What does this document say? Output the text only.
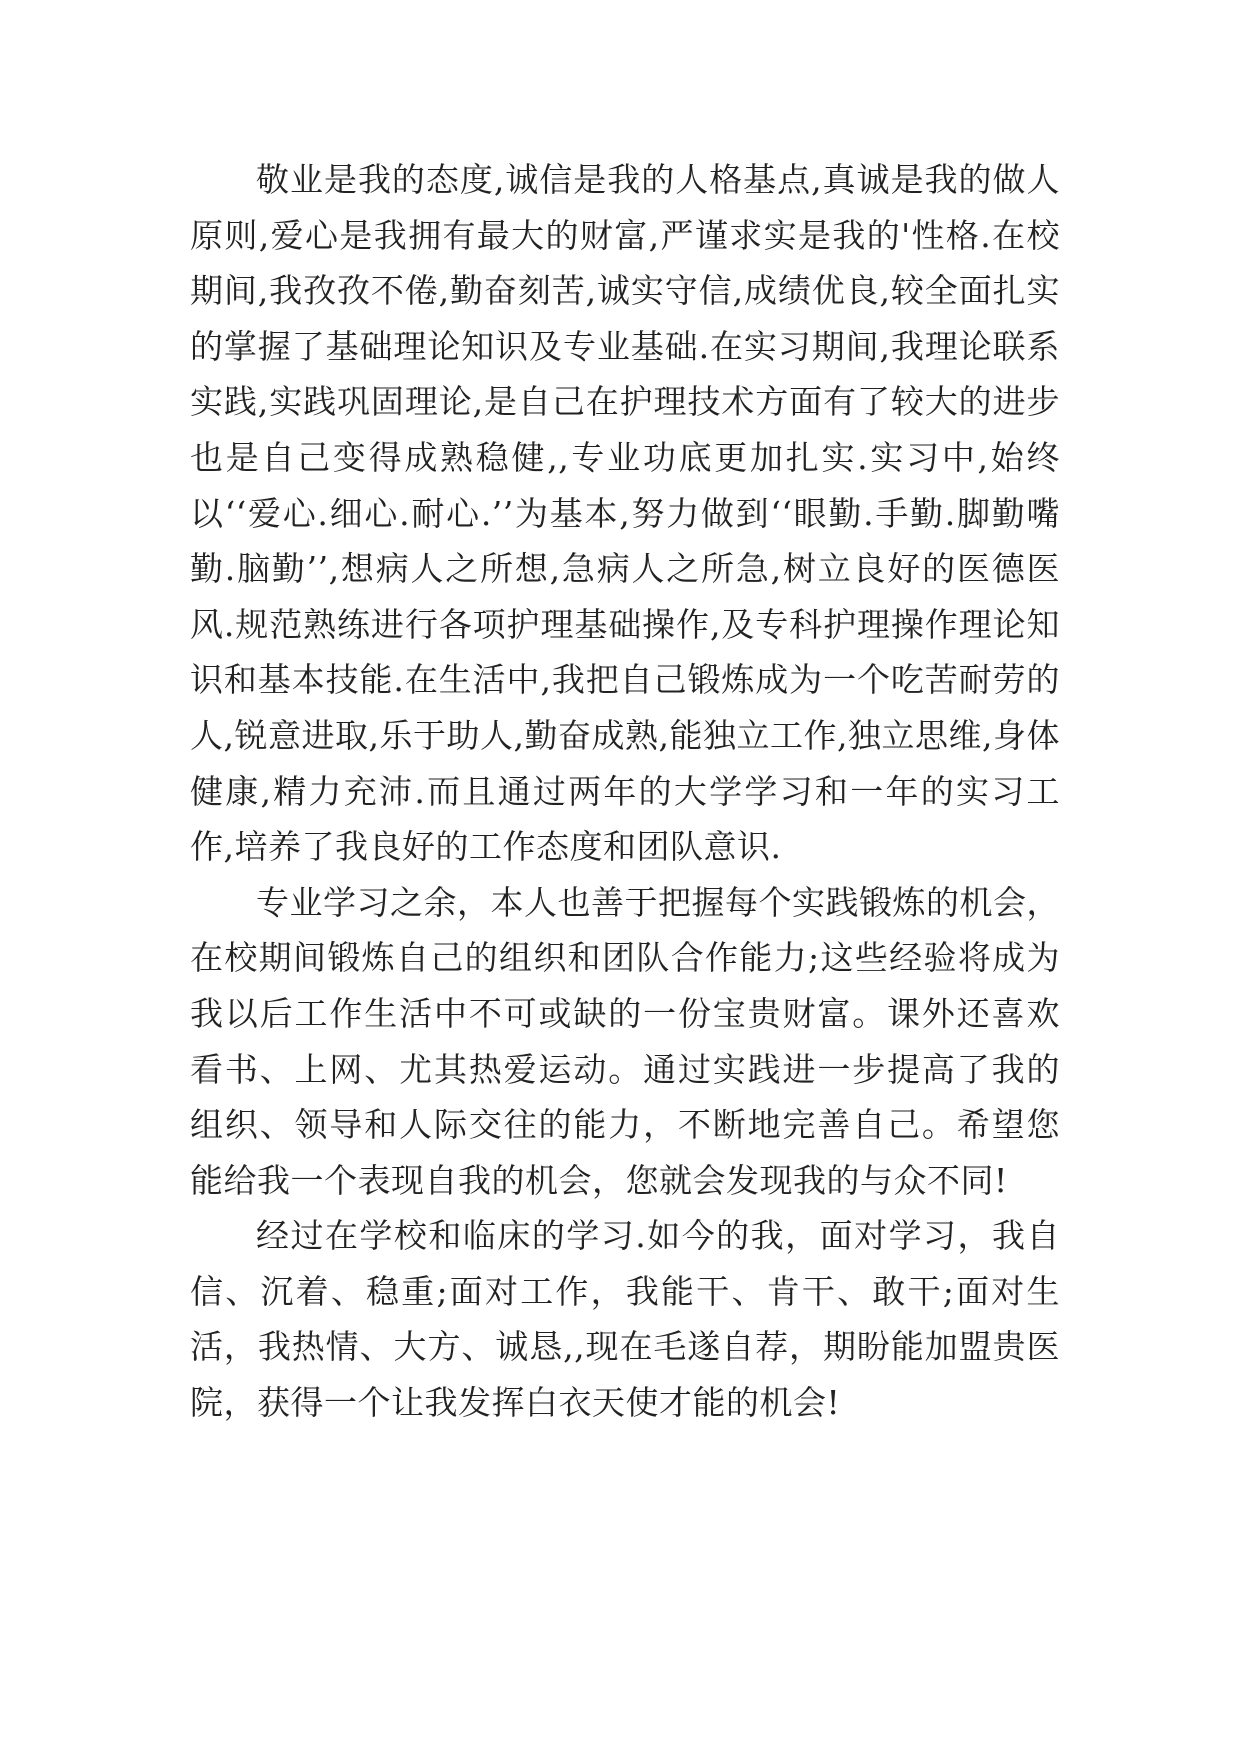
敬业是我的态度,诚信是我的人格基点,真诚是我的做人原则,爱心是我拥有最大的财富,严谨求实是我的'性格.在校期间,我孜孜不倦,勤奋刻苦,诚实守信,成绩优良,较全面扎实的掌握了基础理论知识及专业基础.在实习期间,我理论联系实践,实践巩固理论,是自己在护理技术方面有了较大的进步也是自己变得成熟稳健,,专业功底更加扎实.实习中,始终以‘‘爱心.细心.耐心.’’为基本,努力做到‘‘眼勤.手勤.脚勤嘴勤.脑勤’’,想病人之所想,急病人之所急,树立良好的医德医风.规范熟练进行各项护理基础操作,及专科护理操作理论知识和基本技能.在生活中,我把自己锻炼成为一个吃苦耐劳的人,锐意进取,乐于助人,勤奋成熟,能独立工作,独立思维,身体健康,精力充沛.而且通过两年的大学学习和一年的实习工作,培养了我良好的工作态度和团队意识.

专业学习之余，本人也善于把握每个实践锻炼的机会，在校期间锻炼自己的组织和团队合作能力;这些经验将成为我以后工作生活中不可或缺的一份宝贵财富。课外还喜欢看书、上网、尤其热爱运动。通过实践进一步提高了我的组织、领导和人际交往的能力，不断地完善自己。希望您能给我一个表现自我的机会，您就会发现我的与众不同!

经过在学校和临床的学习.如今的我，面对学习，我自信、沉着、稳重;面对工作，我能干、肯干、敢干;面对生活，我热情、大方、诚恳,,现在毛遂自荐，期盼能加盟贵医院，获得一个让我发挥白衣天使才能的机会!
